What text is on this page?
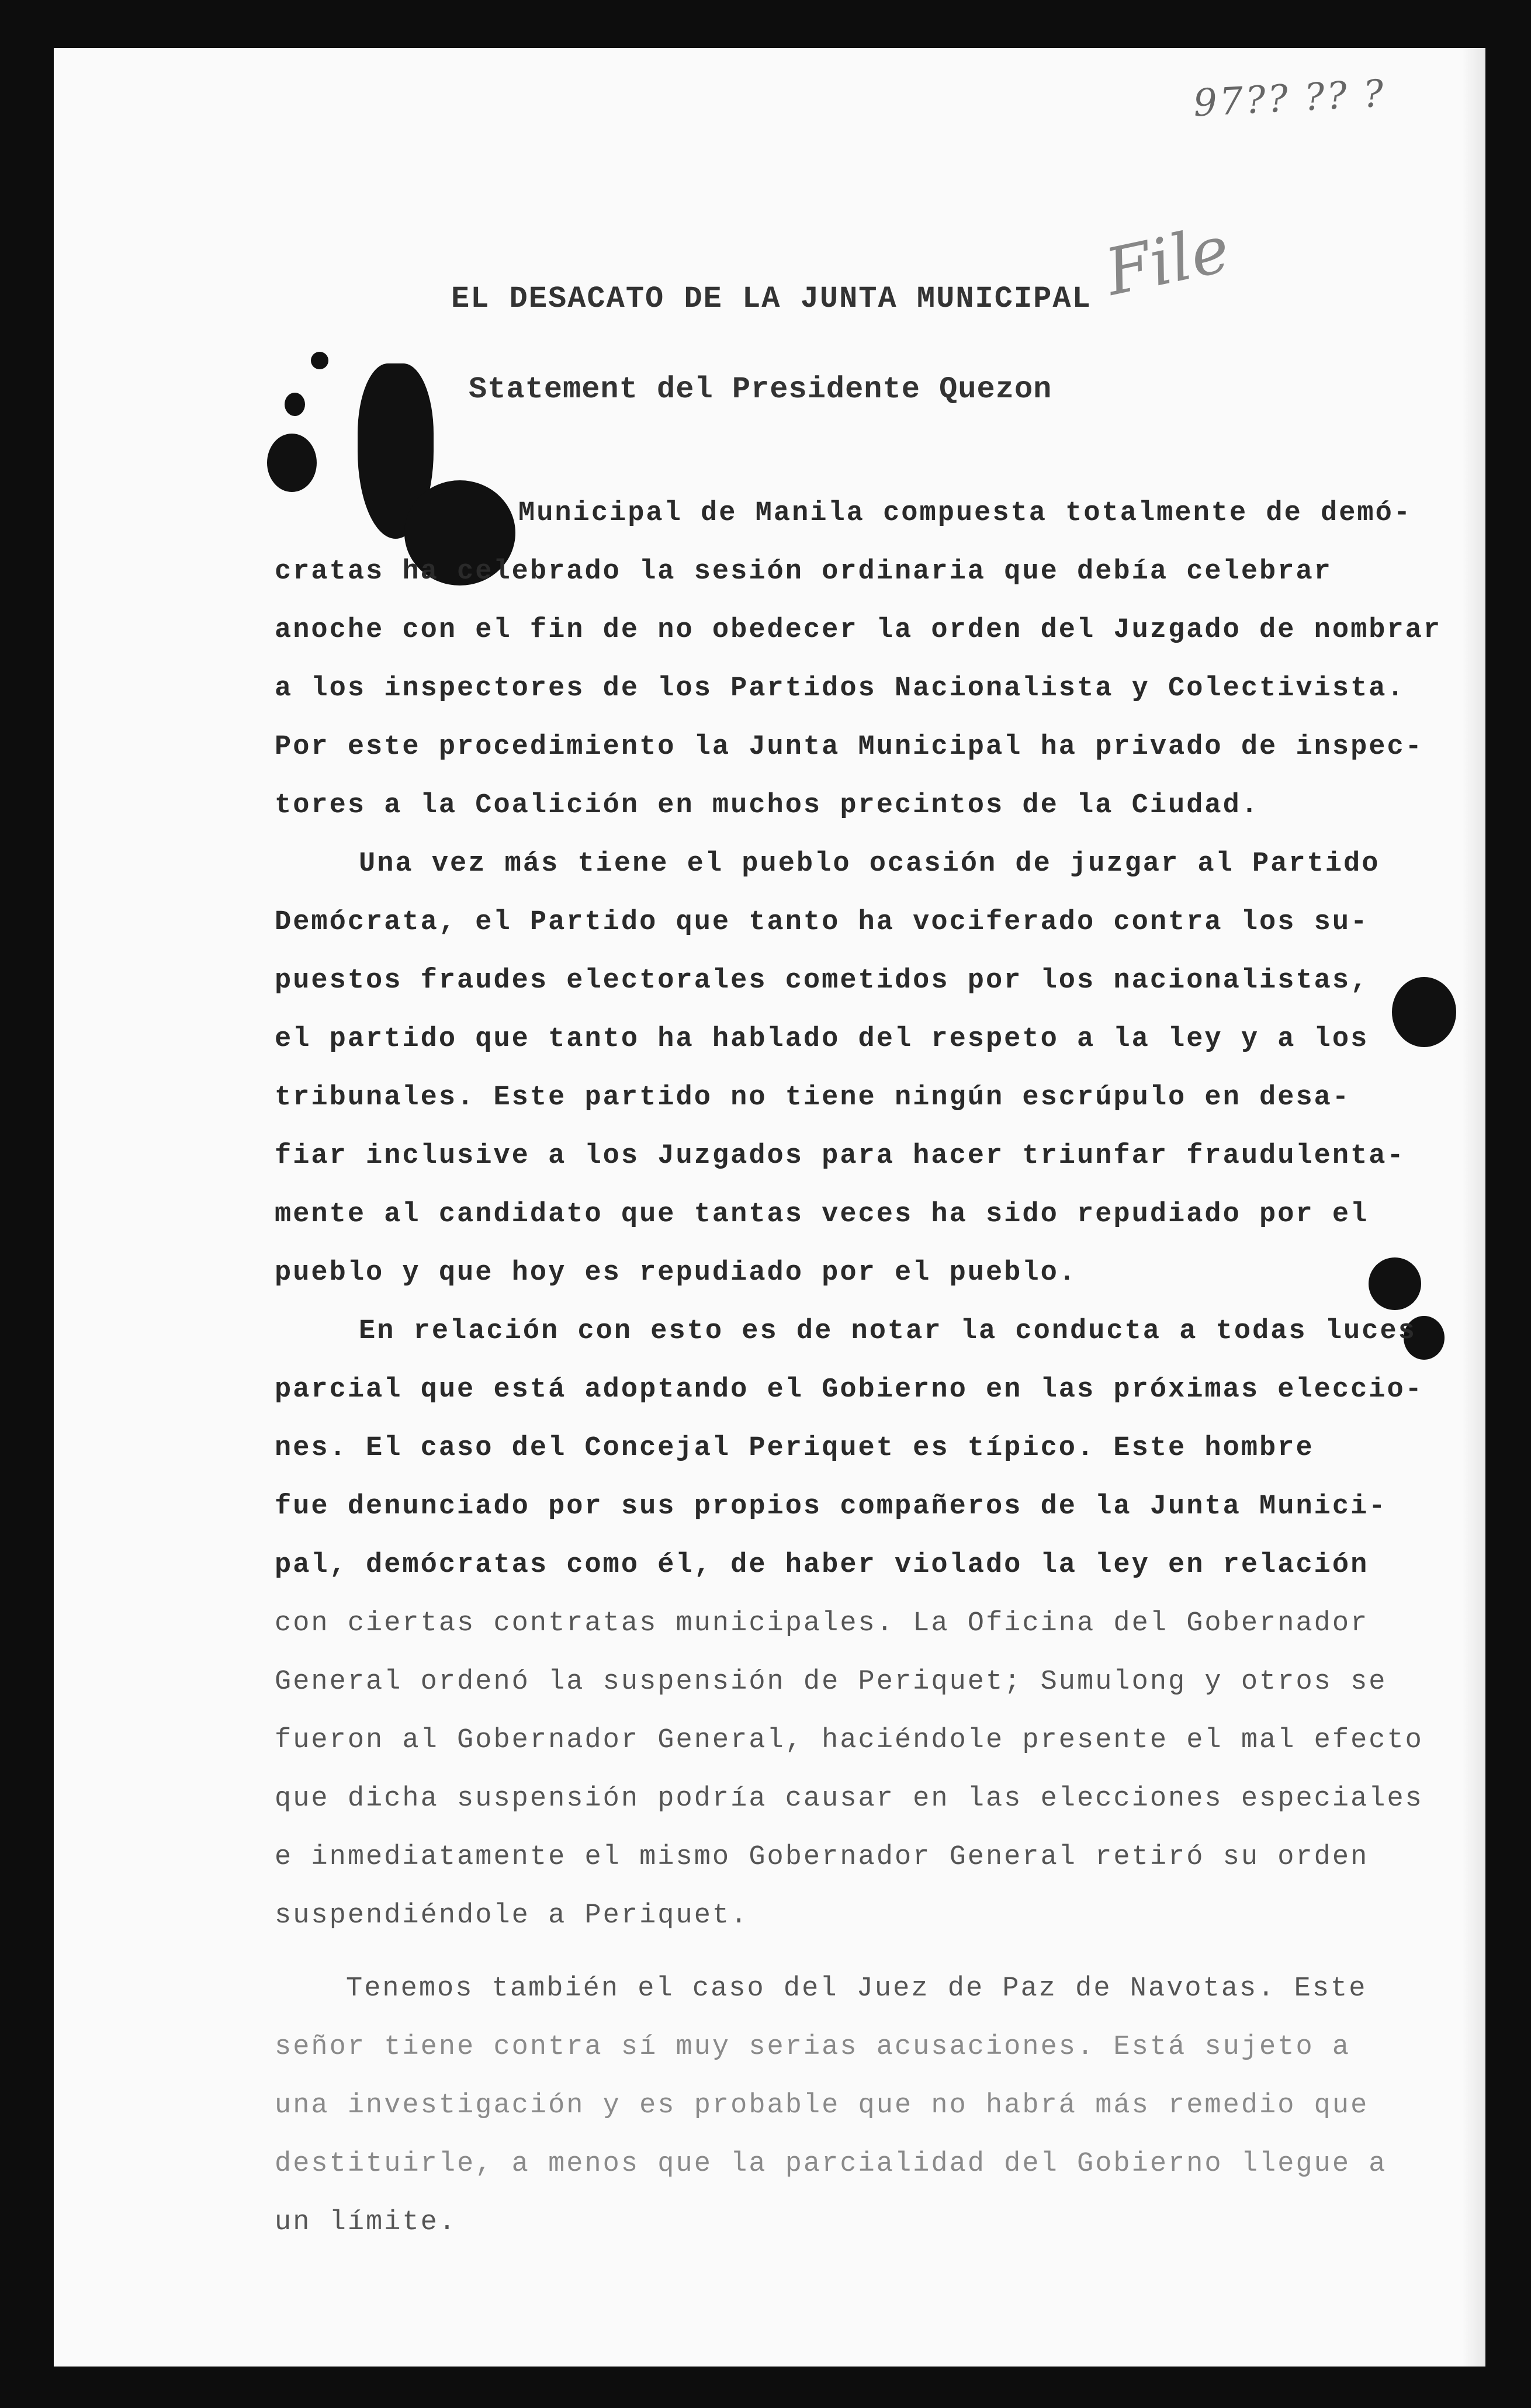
97?? ?? ?
File
EL DESACATO DE LA JUNTA MUNICIPAL
Statement del Presidente Quezon
Municipal de Manila compuesta totalmente de demó-
cratas ha celebrado la sesión ordinaria que debía celebrar
anoche con el fin de no obedecer la orden del Juzgado de nombrar
a los inspectores de los Partidos Nacionalista y Colectivista.
Por este procedimiento la Junta Municipal ha privado de inspec-
tores a la Coalición en muchos precintos de la Ciudad.
Una vez más tiene el pueblo ocasión de juzgar al Partido
Demócrata, el Partido que tanto ha vociferado contra los su-
puestos fraudes electorales cometidos por los nacionalistas,
el partido que tanto ha hablado del respeto a la ley y a los
tribunales. Este partido no tiene ningún escrúpulo en desa-
fiar inclusive a los Juzgados para hacer triunfar fraudulenta-
mente al candidato que tantas veces ha sido repudiado por el
pueblo y que hoy es repudiado por el pueblo.
En relación con esto es de notar la conducta a todas luces
parcial que está adoptando el Gobierno en las próximas eleccio-
nes. El caso del Concejal Periquet es típico. Este hombre
fue denunciado por sus propios compañeros de la Junta Munici-
pal, demócratas como él, de haber violado la ley en relación
con ciertas contratas municipales. La Oficina del Gobernador
General ordenó la suspensión de Periquet; Sumulong y otros se
fueron al Gobernador General, haciéndole presente el mal efecto
que dicha suspensión podría causar en las elecciones especiales
e inmediatamente el mismo Gobernador General retiró su orden
suspendiéndole a Periquet.
Tenemos también el caso del Juez de Paz de Navotas. Este
señor tiene contra sí muy serias acusaciones. Está sujeto a
una investigación y es probable que no habrá más remedio que
destituirle, a menos que la parcialidad del Gobierno llegue a
un límite.
